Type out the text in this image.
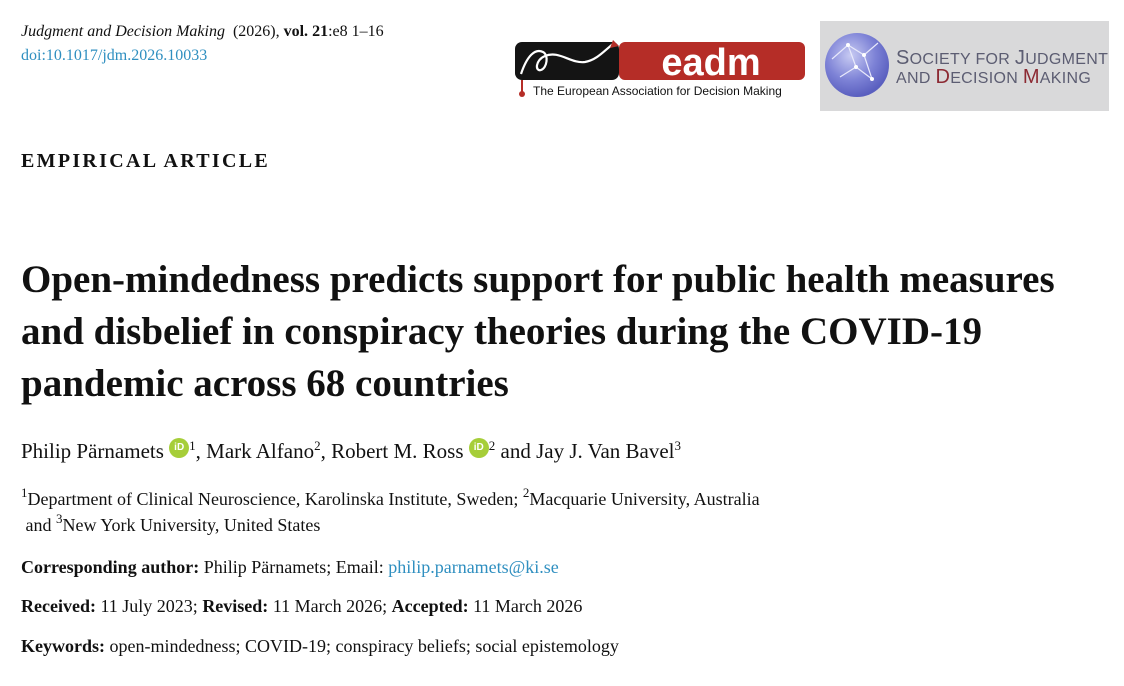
Judgment and Decision Making (2026), vol. 21:e8 1–16
doi:10.1017/jdm.2026.10033	eadm
The European Association for Decision Making
SOCIETY FOR JUDGMENT
AND DECISION MAKING
EMPIRICAL ARTICLE
Open-mindedness predicts support for public health measures and disbelief in conspiracy theories during the COVID-19 pandemic across 68 countries
Philip Pärnamets iD $^1$, Mark Alfano$^2$, Robert M. Ross iD $^2$ and Jay J. Van Bavel$^3$
$^1$Department of Clinical Neuroscience, Karolinska Institute, Sweden; $^2$Macquarie University, Australia
and $^3$New York University, United States
Corresponding author: Philip Pärnamets; Email: philip.parnamets@ki.se
Received: 11 July 2023; Revised: 11 March 2026; Accepted: 11 March 2026
Keywords: open-mindedness; COVID-19; conspiracy beliefs; social epistemology
